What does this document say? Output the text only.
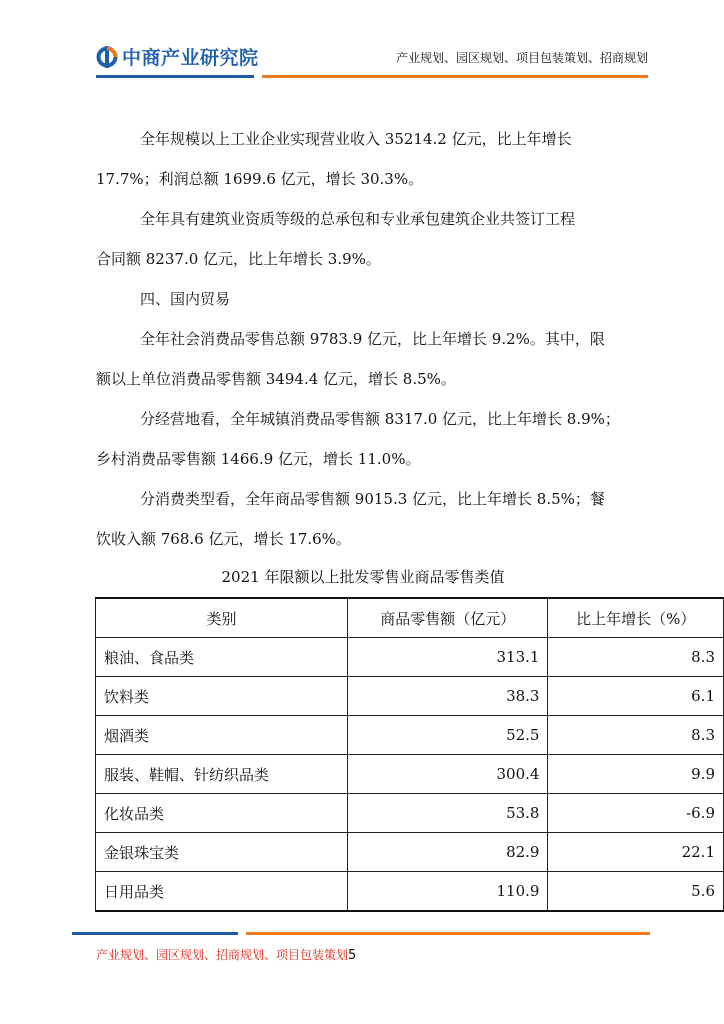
中商产业研究院	产业规划、园区规划、项目包装策划、招商规划
全年规模以上工业企业实现营业收入 35214.2 亿元，比上年增长
17.7%；利润总额 1699.6 亿元，增长 30.3%。
全年具有建筑业资质等级的总承包和专业承包建筑企业共签订工程
合同额 8237.0 亿元，比上年增长 3.9%。
四、国内贸易
全年社会消费品零售总额 9783.9 亿元，比上年增长 9.2%。其中，限
额以上单位消费品零售额 3494.4 亿元，增长 8.5%。
分经营地看，全年城镇消费品零售额 8317.0 亿元，比上年增长 8.9%；
乡村消费品零售额 1466.9 亿元，增长 11.0%。
分消费类型看，全年商品零售额 9015.3 亿元，比上年增长 8.5%；餐
饮收入额 768.6 亿元，增长 17.6%。
2021 年限额以上批发零售业商品零售类值
类别	商品零售额（亿元）	比上年增长（%）
粮油、食品类	313.1	8.3
饮料类	38.3	6.1
烟酒类	52.5	8.3
服装、鞋帽、针纺织品类	300.4	9.9
化妆品类	53.8	-6.9
金银珠宝类	82.9	22.1
日用品类	110.9	5.6
产业规划、园区规划、招商规划、项目包装策划5
